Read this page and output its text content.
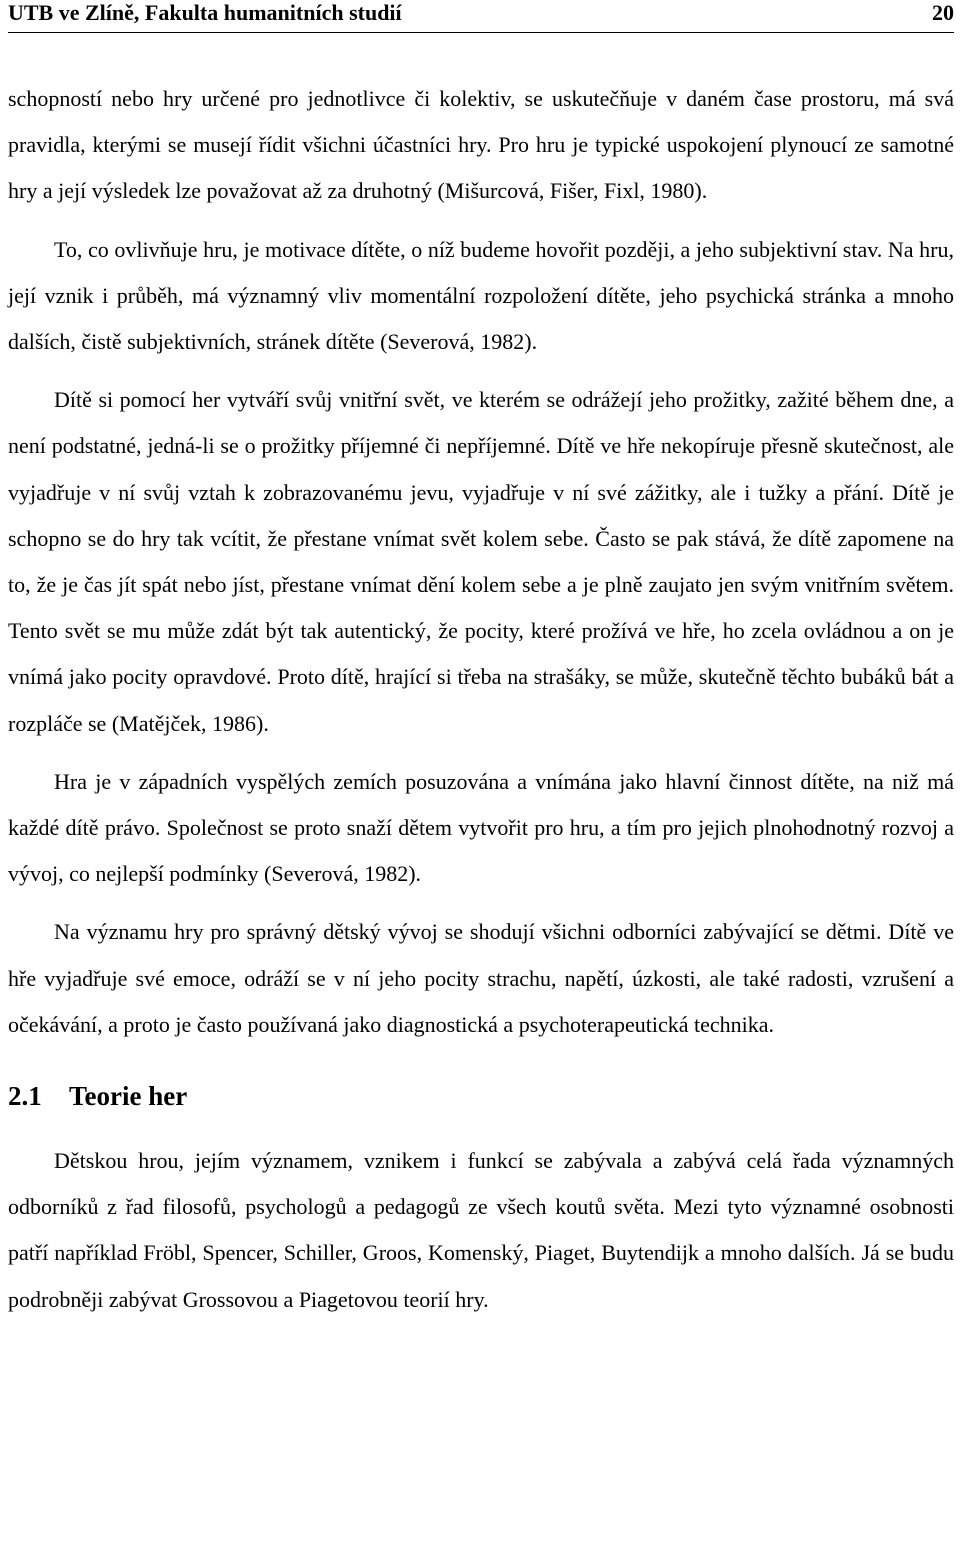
UTB ve Zlíně, Fakulta humanitních studií	20

schopností nebo hry určené pro jednotlivce či kolektiv, se uskutečňuje v daném čase prostoru, má svá pravidla, kterými se musejí řídit všichni účastníci hry. Pro hru je typické uspokojení plynoucí ze samotné hry a její výsledek lze považovat až za druhotný (Mišurcová, Fišer, Fixl, 1980).

To, co ovlivňuje hru, je motivace dítěte, o níž budeme hovořit později, a jeho subjektivní stav. Na hru, její vznik i průběh, má významný vliv momentální rozpoložení dítěte, jeho psychická stránka a mnoho dalších, čistě subjektivních, stránek dítěte (Severová, 1982).

Dítě si pomocí her vytváří svůj vnitřní svět, ve kterém se odrážejí jeho prožitky, zažité během dne, a není podstatné, jedná-li se o prožitky příjemné či nepříjemné. Dítě ve hře nekopíruje přesně skutečnost, ale vyjadřuje v ní svůj vztah k zobrazovanému jevu, vyjadřuje v ní své zážitky, ale i tužky a přání. Dítě je schopno se do hry tak vcítit, že přestane vnímat svět kolem sebe. Často se pak stává, že dítě zapomene na to, že je čas jít spát nebo jíst, přestane vnímat dění kolem sebe a je plně zaujato jen svým vnitřním světem. Tento svět se mu může zdát být tak autentický, že pocity, které prožívá ve hře, ho zcela ovládnou a on je vnímá jako pocity opravdové. Proto dítě, hrající si třeba na strašáky, se může, skutečně těchto bubáků bát a rozpláče se (Matějček, 1986).

Hra je v západních vyspělých zemích posuzována a vnímána jako hlavní činnost dítěte, na niž má každé dítě právo. Společnost se proto snaží dětem vytvořit pro hru, a tím pro jejich plnohodnotný rozvoj a vývoj, co nejlepší podmínky (Severová, 1982).

Na významu hry pro správný dětský vývoj se shodují všichni odborníci zabývající se dětmi. Dítě ve hře vyjadřuje své emoce, odráží se v ní jeho pocity strachu, napětí, úzkosti, ale také radosti, vzrušení a očekávání, a proto je často používaná jako diagnostická a psychoterapeutická technika.

2.1 Teorie her

Dětskou hrou, jejím významem, vznikem i funkcí se zabývala a zabývá celá řada významných odborníků z řad filosofů, psychologů a pedagogů ze všech koutů světa. Mezi tyto významné osobnosti patří například Fröbl, Spencer, Schiller, Groos, Komenský, Piaget, Buytendijk a mnoho dalších. Já se budu podrobněji zabývat Grossovou a Piagetovou teorií hry.
